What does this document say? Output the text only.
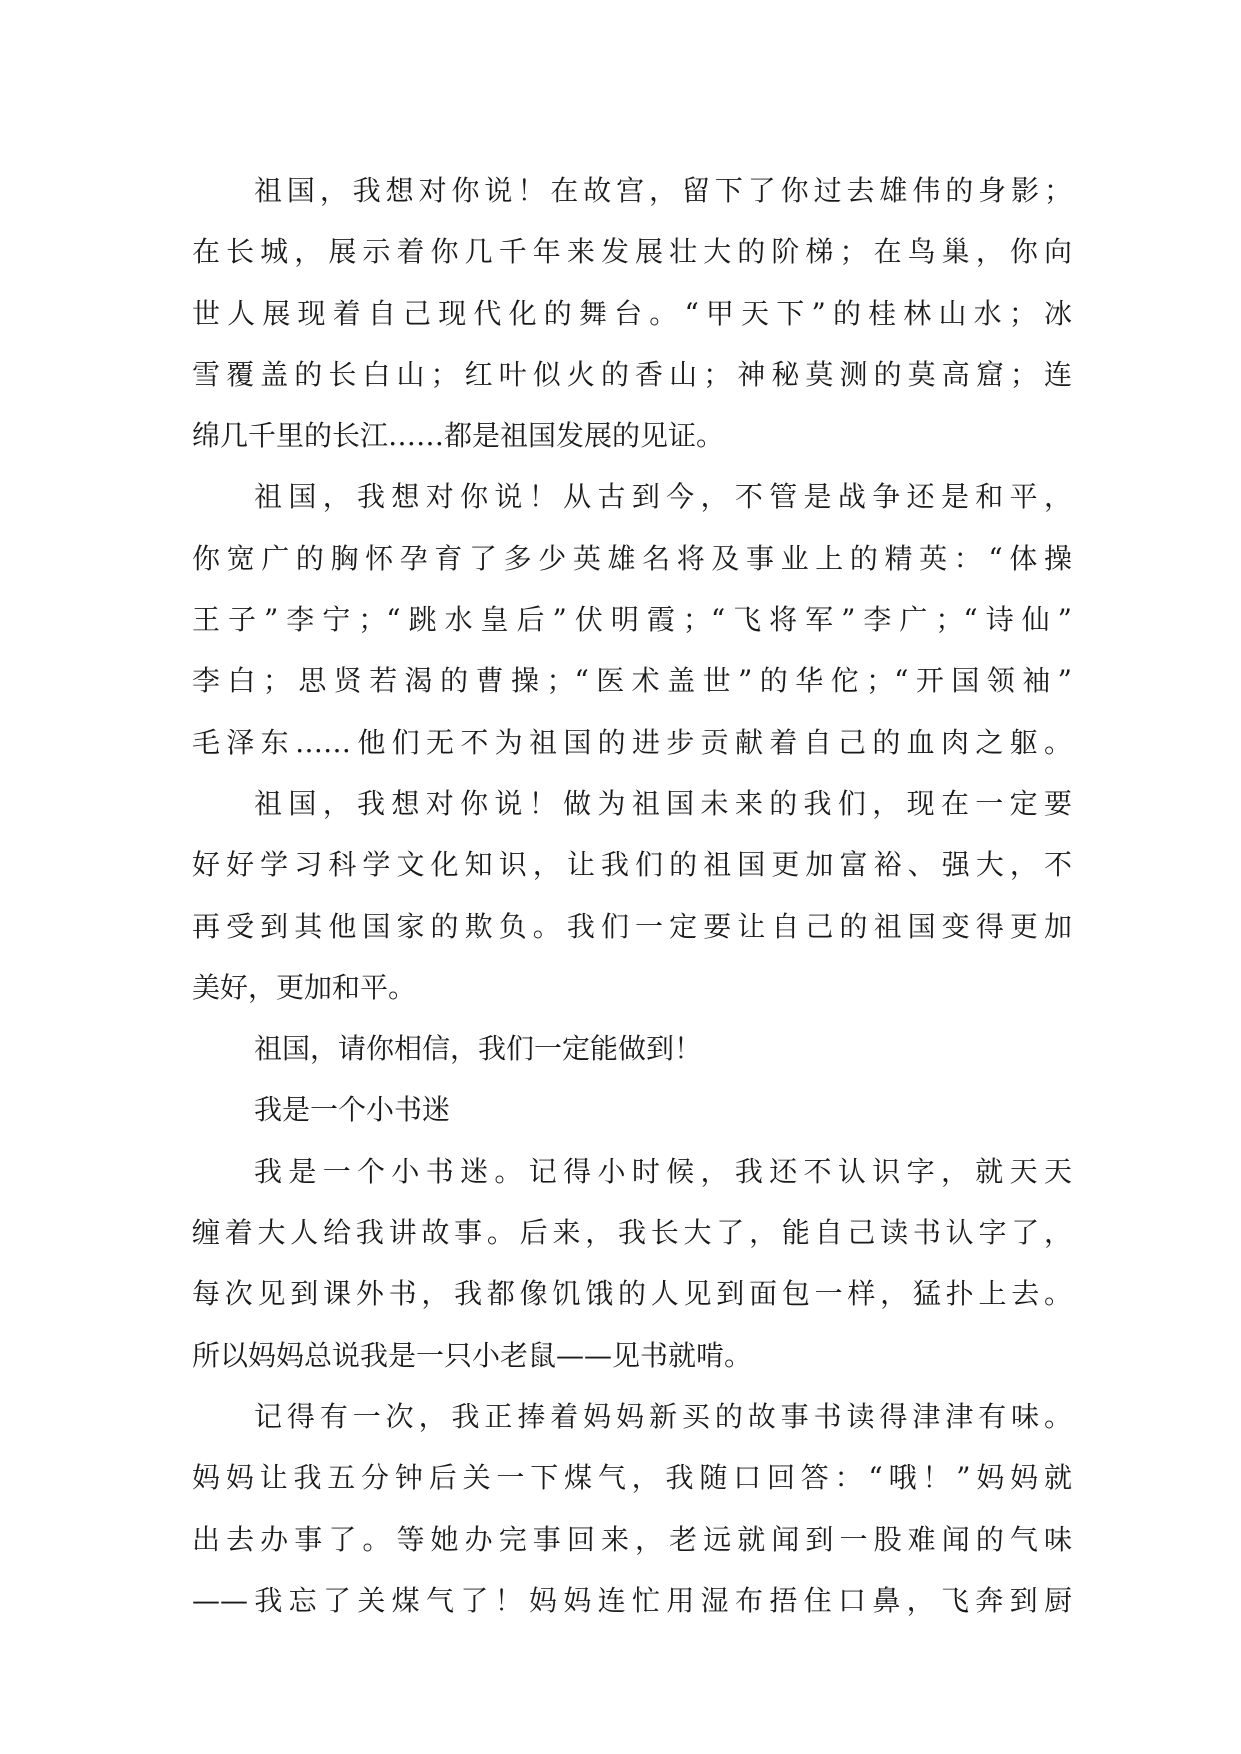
祖国，我想对你说！在故宫，留下了你过去雄伟的身影；
在长城，展示着你几千年来发展壮大的阶梯；在鸟巢，你向
世人展现着自己现代化的舞台。“甲天下”的桂林山水；冰
雪覆盖的长白山；红叶似火的香山；神秘莫测的莫高窟；连
绵几千里的长江……都是祖国发展的见证。
祖国，我想对你说！从古到今，不管是战争还是和平，
你宽广的胸怀孕育了多少英雄名将及事业上的精英：“体操
王子”李宁；“跳水皇后”伏明霞；“飞将军”李广；“诗仙”
李白；思贤若渴的曹操；“医术盖世”的华佗；“开国领袖”
毛泽东……他们无不为祖国的进步贡献着自己的血肉之躯。
祖国，我想对你说！做为祖国未来的我们，现在一定要
好好学习科学文化知识，让我们的祖国更加富裕、强大，不
再受到其他国家的欺负。我们一定要让自己的祖国变得更加
美好，更加和平。
祖国，请你相信，我们一定能做到！
我是一个小书迷
我是一个小书迷。记得小时候，我还不认识字，就天天
缠着大人给我讲故事。后来，我长大了，能自己读书认字了，
每次见到课外书，我都像饥饿的人见到面包一样，猛扑上去。
所以妈妈总说我是一只小老鼠——见书就啃。
记得有一次，我正捧着妈妈新买的故事书读得津津有味。
妈妈让我五分钟后关一下煤气，我随口回答：“哦！”妈妈就
出去办事了。等她办完事回来，老远就闻到一股难闻的气味
——我忘了关煤气了！妈妈连忙用湿布捂住口鼻，飞奔到厨
